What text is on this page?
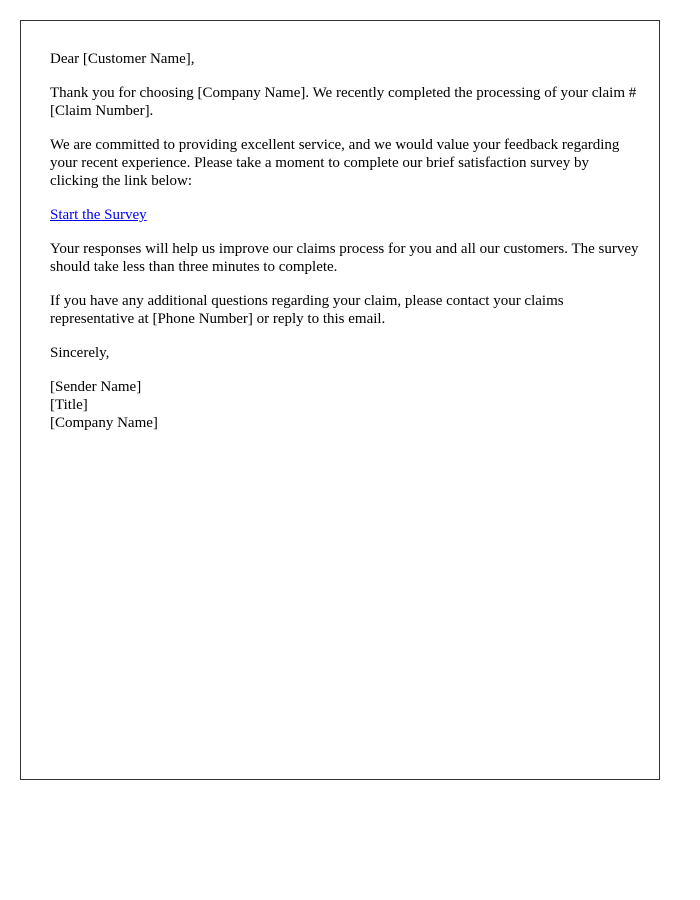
Dear [Customer Name],

Thank you for choosing [Company Name]. We recently completed the processing of your claim #[Claim Number].

We are committed to providing excellent service, and we would value your feedback regarding your recent experience. Please take a moment to complete our brief satisfaction survey by clicking the link below:

Start the Survey

Your responses will help us improve our claims process for you and all our customers. The survey should take less than three minutes to complete.

If you have any additional questions regarding your claim, please contact your claims representative at [Phone Number] or reply to this email.

Sincerely,

[Sender Name]
[Title]
[Company Name]
